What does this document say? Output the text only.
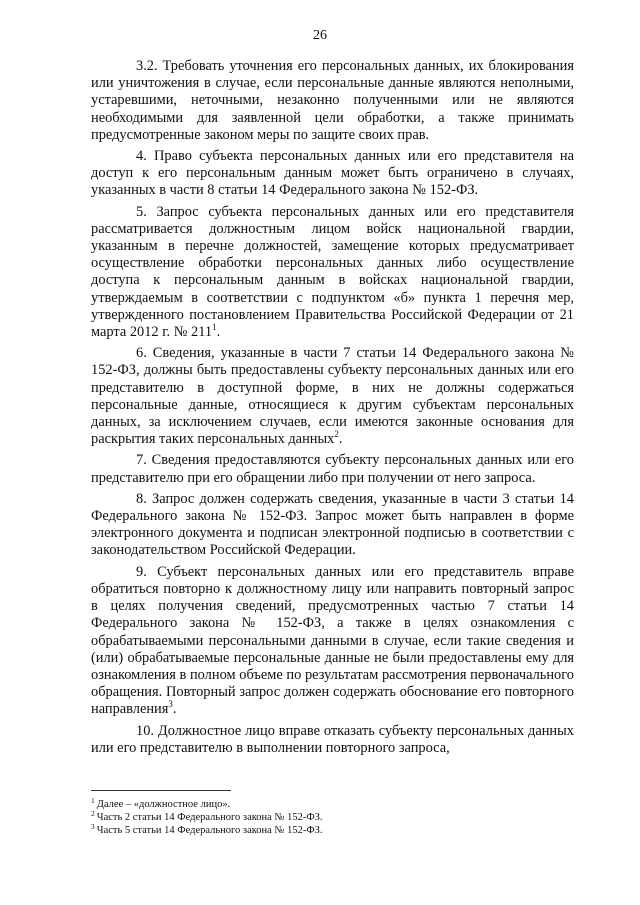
26

3.2. Требовать уточнения его персональных данных, их блокирования или уничтожения в случае, если персональные данные являются неполными, устаревшими, неточными, незаконно полученными или не являются необходимыми для заявленной цели обработки, а также принимать предусмотренные законом меры по защите своих прав.

4. Право субъекта персональных данных или его представителя на доступ к его персональным данным может быть ограничено в случаях, указанных в части 8 статьи 14 Федерального закона № 152-ФЗ.

5. Запрос субъекта персональных данных или его представителя рассматривается должностным лицом войск национальной гвардии, указанным в перечне должностей, замещение которых предусматривает осуществление обработки персональных данных либо осуществление доступа к персональным данным в войсках национальной гвардии, утверждаемым в соответствии с подпунктом «б» пункта 1 перечня мер, утвержденного постановлением Правительства Российской Федерации от 21 марта 2012 г. № $211^1$.

6. Сведения, указанные в части 7 статьи 14 Федерального закона № 152-ФЗ, должны быть предоставлены субъекту персональных данных или его представителю в доступной форме, в них не должны содержаться персональные данные, относящиеся к другим субъектам персональных данных, за исключением случаев, если имеются законные основания для раскрытия таких персональных данных$^2$.

7. Сведения предоставляются субъекту персональных данных или его представителю при его обращении либо при получении от него запроса.

8. Запрос должен содержать сведения, указанные в части 3 статьи 14 Федерального закона № 152-ФЗ. Запрос может быть направлен в форме электронного документа и подписан электронной подписью в соответствии с законодательством Российской Федерации.

9. Субъект персональных данных или его представитель вправе обратиться повторно к должностному лицу или направить повторный запрос в целях получения сведений, предусмотренных частью 7 статьи 14 Федерального закона № 152-ФЗ, а также в целях ознакомления с обрабатываемыми персональными данными в случае, если такие сведения и (или) обрабатываемые персональные данные не были предоставлены ему для ознакомления в полном объеме по результатам рассмотрения первоначального обращения. Повторный запрос должен содержать обоснование его повторного направления$^3$.

10. Должностное лицо вправе отказать субъекту персональных данных или его представителю в выполнении повторного запроса,

$^1$ Далее – «должностное лицо».

$^2$ Часть 2 статьи 14 Федерального закона № 152-ФЗ.

$^3$ Часть 5 статьи 14 Федерального закона № 152-ФЗ.
